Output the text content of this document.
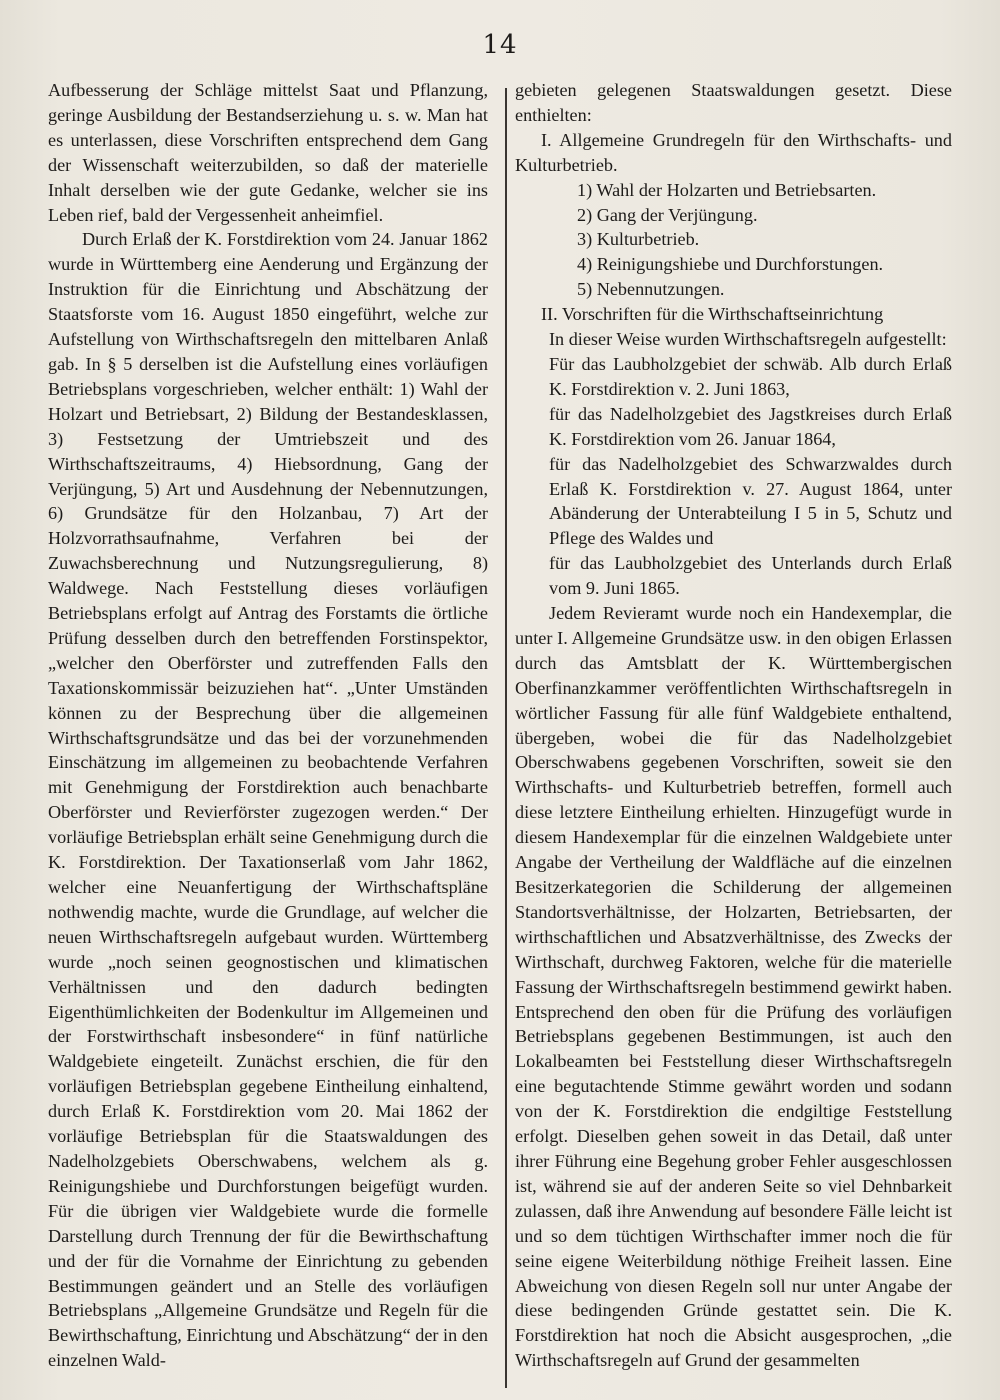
14

Aufbesserung der Schläge mittelst Saat und Pflanzung, geringe Ausbildung der Bestandserziehung u. s. w. Man hat es unterlassen, diese Vorschriften entsprechend dem Gang der Wissenschaft weiterzubilden, so daß der materielle Inhalt derselben wie der gute Gedanke, welcher sie ins Leben rief, bald der Vergessenheit anheimfiel.

Durch Erlaß der K. Forstdirektion vom 24. Januar 1862 wurde in Württemberg eine Aenderung und Ergänzung der Instruktion für die Einrichtung und Abschätzung der Staatsforste vom 16. August 1850 eingeführt, welche zur Aufstellung von Wirthschaftsregeln den mittelbaren Anlaß gab. In § 5 derselben ist die Aufstellung eines vorläufigen Betriebsplans vorgeschrieben, welcher enthält: 1) Wahl der Holzart und Betriebsart, 2) Bildung der Bestandesklassen, 3) Festsetzung der Umtriebszeit und des Wirthschaftszeitraums, 4) Hiebsordnung, Gang der Verjüngung, 5) Art und Ausdehnung der Nebennutzungen, 6) Grundsätze für den Holzanbau, 7) Art der Holzvorrathsaufnahme, Verfahren bei der Zuwachsberechnung und Nutzungsregulierung, 8) Waldwege. Nach Feststellung dieses vorläufigen Betriebsplans erfolgt auf Antrag des Forstamts die örtliche Prüfung desselben durch den betreffenden Forstinspektor, „welcher den Oberförster und zutreffenden Falls den Taxationskommissär beizuziehen hat“. „Unter Umständen können zu der Besprechung über die allgemeinen Wirthschaftsgrundsätze und das bei der vorzunehmenden Einschätzung im allgemeinen zu beobachtende Verfahren mit Genehmigung der Forstdirektion auch benachbarte Oberförster und Revierförster zugezogen werden.“ Der vorläufige Betriebsplan erhält seine Genehmigung durch die K. Forstdirektion. Der Taxationserlaß vom Jahr 1862, welcher eine Neuanfertigung der Wirthschaftspläne nothwendig machte, wurde die Grundlage, auf welcher die neuen Wirthschaftsregeln aufgebaut wurden. Württemberg wurde „noch seinen geognostischen und klimatischen Verhältnissen und den dadurch bedingten Eigenthümlichkeiten der Bodenkultur im Allgemeinen und der Forstwirthschaft insbesondere“ in fünf natürliche Waldgebiete eingeteilt. Zunächst erschien, die für den vorläufigen Betriebsplan gegebene Eintheilung einhaltend, durch Erlaß K. Forstdirektion vom 20. Mai 1862 der vorläufige Betriebsplan für die Staatswaldungen des Nadelholzgebiets Oberschwabens, welchem als g. Reinigungshiebe und Durchforstungen beigefügt wurden. Für die übrigen vier Waldgebiete wurde die formelle Darstellung durch Trennung der für die Bewirthschaftung und der für die Vornahme der Einrichtung zu gebenden Bestimmungen geändert und an Stelle des vorläufigen Betriebsplans „Allgemeine Grundsätze und Regeln für die Bewirthschaftung, Einrichtung und Abschätzung“ der in den einzelnen Wald-

gebieten gelegenen Staatswaldungen gesetzt. Diese enthielten:

I. Allgemeine Grundregeln für den Wirthschafts- und Kulturbetrieb.

1) Wahl der Holzarten und Betriebsarten.

2) Gang der Verjüngung.

3) Kulturbetrieb.

4) Reinigungshiebe und Durchforstungen.

5) Nebennutzungen.

II. Vorschriften für die Wirthschaftseinrichtung

In dieser Weise wurden Wirthschaftsregeln aufgestellt:

Für das Laubholzgebiet der schwäb. Alb durch Erlaß K. Forstdirektion v. 2. Juni 1863,

für das Nadelholzgebiet des Jagstkreises durch Erlaß K. Forstdirektion vom 26. Januar 1864,

für das Nadelholzgebiet des Schwarzwaldes durch Erlaß K. Forstdirektion v. 27. August 1864, unter Abänderung der Unterabteilung I 5 in 5, Schutz und Pflege des Waldes und

für das Laubholzgebiet des Unterlands durch Erlaß vom 9. Juni 1865.

Jedem Revieramt wurde noch ein Handexemplar, die unter I. Allgemeine Grundsätze usw. in den obigen Erlassen durch das Amtsblatt der K. Württembergischen Oberfinanzkammer veröffentlichten Wirthschaftsregeln in wörtlicher Fassung für alle fünf Waldgebiete enthaltend, übergeben, wobei die für das Nadelholzgebiet Oberschwabens gegebenen Vorschriften, soweit sie den Wirthschafts- und Kulturbetrieb betreffen, formell auch diese letztere Eintheilung erhielten. Hinzugefügt wurde in diesem Handexemplar für die einzelnen Waldgebiete unter Angabe der Vertheilung der Waldfläche auf die einzelnen Besitzerkategorien die Schilderung der allgemeinen Standortsverhältnisse, der Holzarten, Betriebsarten, der wirthschaftlichen und Absatzverhältnisse, des Zwecks der Wirthschaft, durchweg Faktoren, welche für die materielle Fassung der Wirthschaftsregeln bestimmend gewirkt haben. Entsprechend den oben für die Prüfung des vorläufigen Betriebsplans gegebenen Bestimmungen, ist auch den Lokalbeamten bei Feststellung dieser Wirthschaftsregeln eine begutachtende Stimme gewährt worden und sodann von der K. Forstdirektion die endgiltige Feststellung erfolgt. Dieselben gehen soweit in das Detail, daß unter ihrer Führung eine Begehung grober Fehler ausgeschlossen ist, während sie auf der anderen Seite so viel Dehnbarkeit zulassen, daß ihre Anwendung auf besondere Fälle leicht ist und so dem tüchtigen Wirthschafter immer noch die für seine eigene Weiterbildung nöthige Freiheit lassen. Eine Abweichung von diesen Regeln soll nur unter Angabe der diese bedingenden Gründe gestattet sein. Die K. Forstdirektion hat noch die Absicht ausgesprochen, „die Wirthschaftsregeln auf Grund der gesammelten
